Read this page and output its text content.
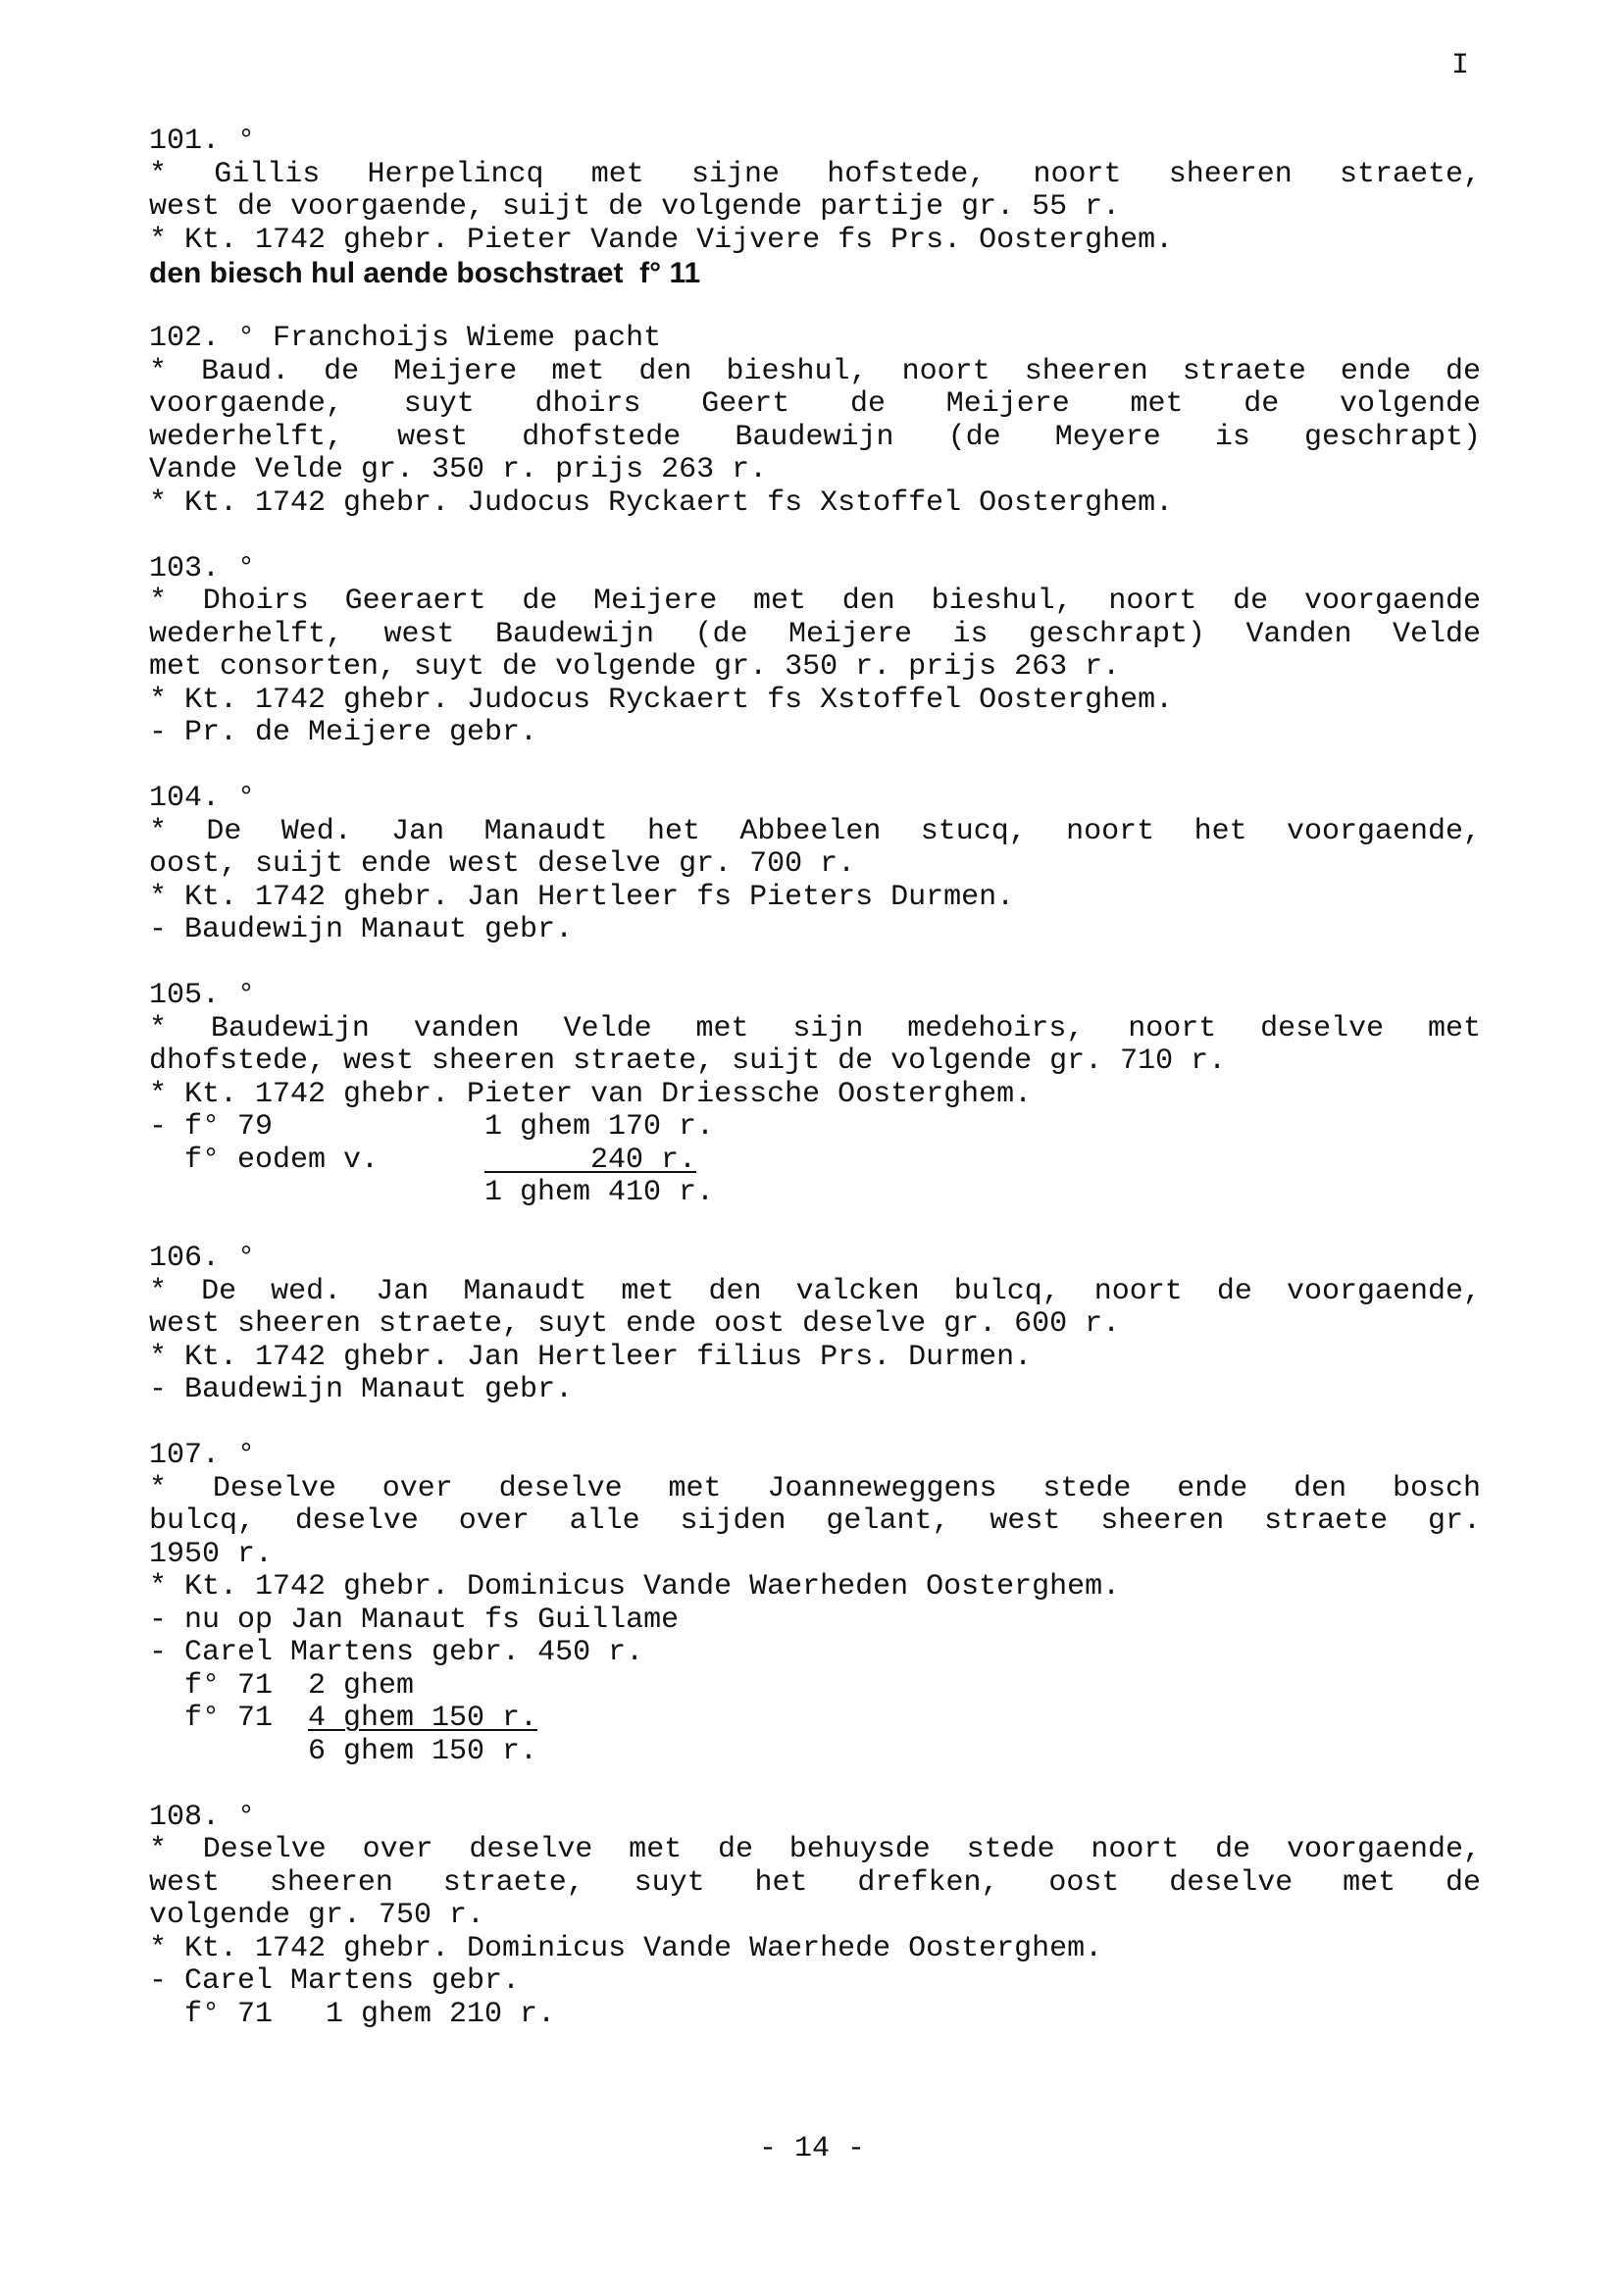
I
101. °
* Gillis Herpelincq met sijne hofstede, noort sheeren straete,
west de voorgaende, suijt de volgende partije gr. 55 r.
* Kt. 1742 ghebr. Pieter Vande Vijvere fs Prs. Oosterghem.
den biesch hul aende boschstraet  f° 11
102. ° Franchoijs Wieme pacht
* Baud. de Meijere met den bieshul, noort sheeren straete ende de
voorgaende, suyt dhoirs Geert de Meijere met de volgende
wederhelft, west dhofstede Baudewijn (de Meyere is geschrapt)
Vande Velde gr. 350 r. prijs 263 r.
* Kt. 1742 ghebr. Judocus Ryckaert fs Xstoffel Oosterghem.
103. °
* Dhoirs Geeraert de Meijere met den bieshul, noort de voorgaende
wederhelft, west Baudewijn (de Meijere is geschrapt) Vanden Velde
met consorten, suyt de volgende gr. 350 r. prijs 263 r.
* Kt. 1742 ghebr. Judocus Ryckaert fs Xstoffel Oosterghem.
- Pr. de Meijere gebr.
104. °
* De Wed. Jan Manaudt het Abbeelen stucq, noort het voorgaende,
oost, suijt ende west deselve gr. 700 r.
* Kt. 1742 ghebr. Jan Hertleer fs Pieters Durmen.
- Baudewijn Manaut gebr.
105. °
* Baudewijn vanden Velde met sijn medehoirs, noort deselve met
dhofstede, west sheeren straete, suijt de volgende gr. 710 r.
* Kt. 1742 ghebr. Pieter van Driessche Oosterghem.
- f° 79	1 ghem 170 r.
f° eodem v.	240 r.
1 ghem 410 r.
106. °
* De wed. Jan Manaudt met den valcken bulcq, noort de voorgaende,
west sheeren straete, suyt ende oost deselve gr. 600 r.
* Kt. 1742 ghebr. Jan Hertleer filius Prs. Durmen.
- Baudewijn Manaut gebr.
107. °
* Deselve over deselve met Joanneweggens stede ende den bosch
bulcq, deselve over alle sijden gelant, west sheeren straete gr.
1950 r.
* Kt. 1742 ghebr. Dominicus Vande Waerheden Oosterghem.
- nu op Jan Manaut fs Guillame
- Carel Martens gebr. 450 r.
f° 71 2 ghem
f° 71 4 ghem 150 r.
6 ghem 150 r.
108. °
* Deselve over deselve met de behuysde stede noort de voorgaende,
west sheeren straete, suyt het drefken, oost deselve met de
volgende gr. 750 r.
* Kt. 1742 ghebr. Dominicus Vande Waerhede Oosterghem.
- Carel Martens gebr.
f° 71   1 ghem 210 r.
- 14 -
